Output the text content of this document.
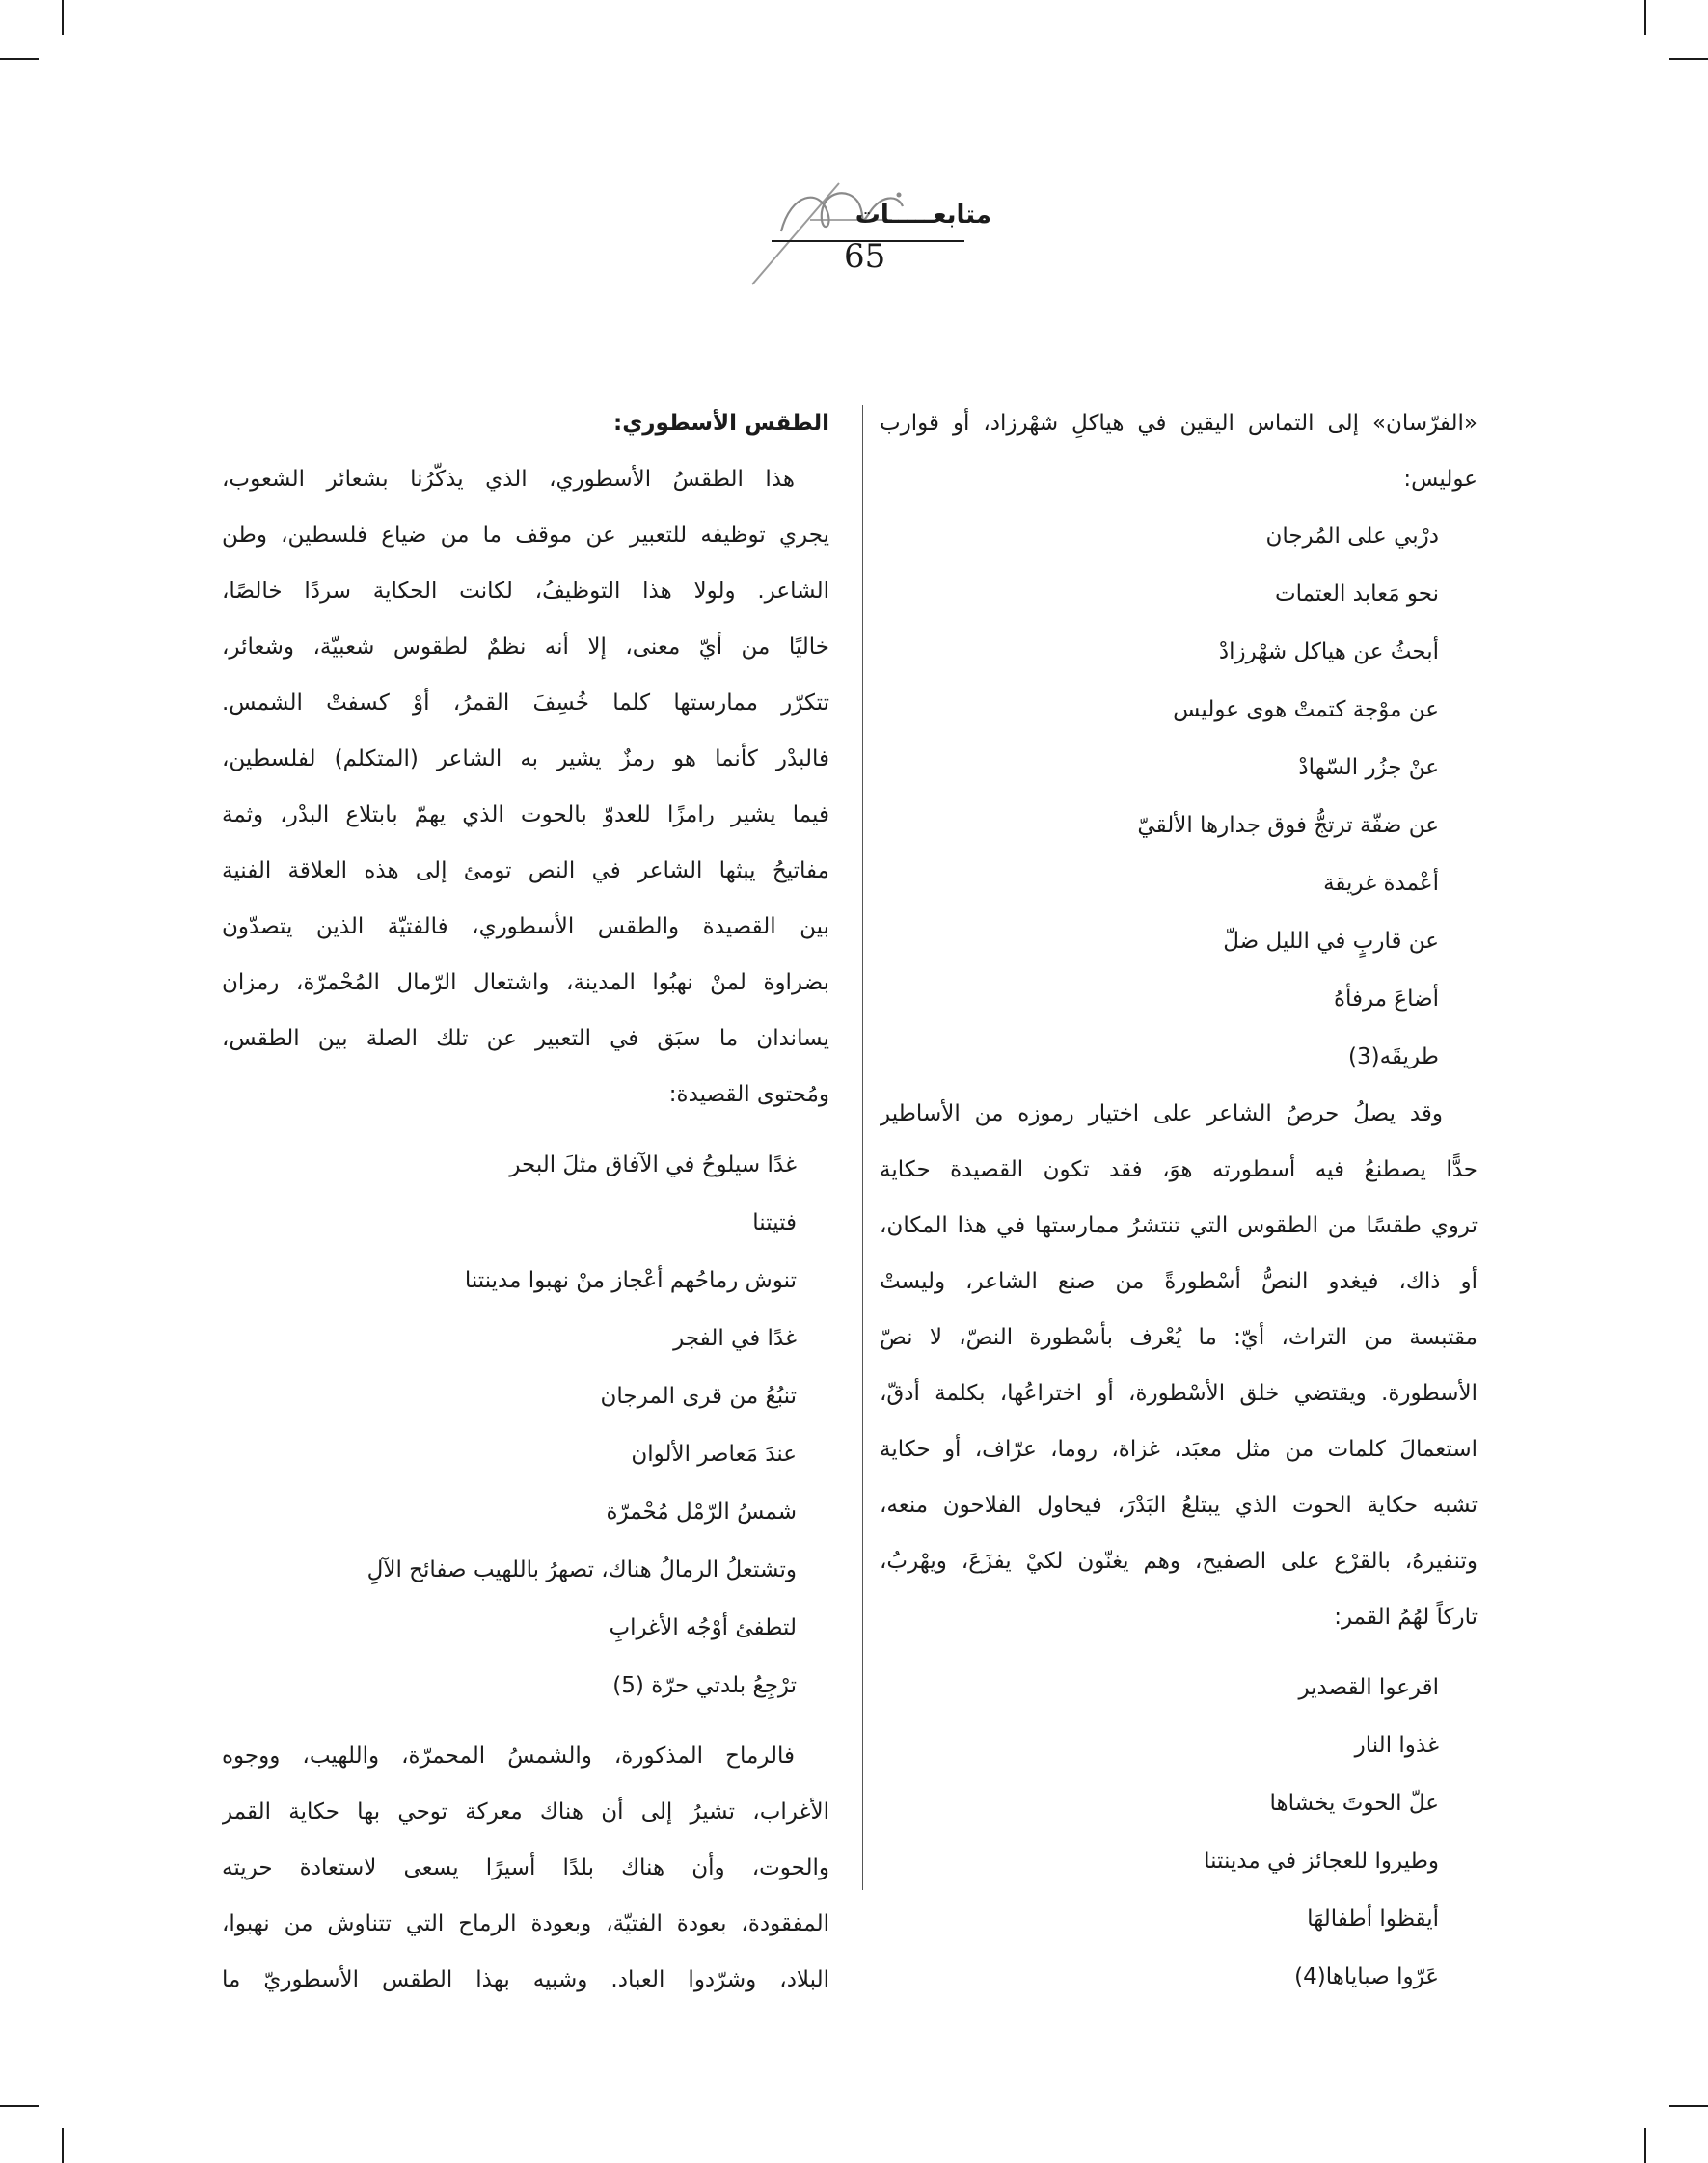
متابعـــــات
65
«الفرّسان» إلى التماس اليقين في هياكلِ شهْرزاد، أو قوارب
عوليس:
درْبي على المُرجان
نحو مَعابد العتمات
أبحثُ عن هياكل شهْرزادْ
عن موْجة كتمتْ هوى عوليس
عنْ جزُر السّهادْ
عن ضفّة ترتجُّ فوق جدارها الألقيّ
أعْمدة غريقة
عن قاربٍ في الليل ضلّ
أضاعَ مرفأهُ
طريقَه(3)
وقد يصلُ حرصُ الشاعر على اختيار رموزه من الأساطير
حدًّا يصطنعُ فيه أسطورته هوَ، فقد تكون القصيدة حكاية
تروي طقسًا من الطقوس التي تنتشرُ ممارستها في هذا المكان،
أو ذاك، فيغدو النصُّ أسْطورةً من صنع الشاعر، وليستْ
مقتبسة من التراث، أيّ: ما يُعْرف بأسْطورة النصّ، لا نصّ
الأسطورة. ويقتضي خلق الأسْطورة، أو اختراعُها، بكلمة أدقّ،
استعمالَ كلمات من مثل معبَد، غزاة، روما، عرّاف، أو حكاية
تشبه حكاية الحوت الذي يبتلعُ البَدْرَ، فيحاول الفلاحون منعه،
وتنفيرهُ، بالقرْع على الصفيح، وهم يغنّون لكيْ يفزَعَ، ويهْربُ،
تاركاً لهُمُ القمر:
اقرعوا القصدير
غذوا النار
علّ الحوتَ يخشاها
وطيروا للعجائز في مدينتنا
أيقظوا أطفالهَا
عَرّوا صباياها(4)
الطقس الأسطوري:
هذا الطقسُ الأسطوري، الذي يذكّرُنا بشعائر الشعوب،
يجري توظيفه للتعبير عن موقف ما من ضياع فلسطين، وطن
الشاعر. ولولا هذا التوظيفُ، لكانت الحكاية سردًا خالصًا،
خاليًا من أيّ معنى، إلا أنه نظمٌ لطقوس شعبيّة، وشعائر،
تتكرّر ممارستها كلما خُسِفَ القمرُ، أوْ كسفتْ الشمس.
فالبدْر كأنما هو رمزٌ يشير به الشاعر (المتكلم) لفلسطين،
فيما يشير رامزًا للعدوّ بالحوت الذي يهمّ بابتلاع البدْر، وثمة
مفاتيحُ يبثها الشاعر في النص تومئ إلى هذه العلاقة الفنية
بين القصيدة والطقس الأسطوري، فالفتيّة الذين يتصدّون
بضراوة لمنْ نهبُوا المدينة، واشتعال الرّمال المُحْمرّة، رمزان
يساندان ما سبَق في التعبير عن تلك الصلة بين الطقس،
ومُحتوى القصيدة:
غدًا سيلوحُ في الآفاق مثلَ البحر
فتيتنا
تنوش رماحُهم أعْجاز منْ نهبوا مدينتنا
غدًا في الفجر
تنبُعُ من قرى المرجان
عندَ مَعاصر الألوان
شمسُ الرّمْل مُحْمرّة
وتشتعلُ الرمالُ هناك، تصهرُ باللهيب صفائح الآلِ
لتطفئ أوْجُه الأغرابِ
ترْجِعُ بلدتي حرّة (5)
فالرماح المذكورة، والشمسُ المحمرّة، واللهيب، ووجوه
الأغراب، تشيرُ إلى أن هناك معركة توحي بها حكاية القمر
والحوت، وأن هناك بلدًا أسيرًا يسعى لاستعادة حريته
المفقودة، بعودة الفتيّة، وبعودة الرماح التي تتناوش من نهبوا،
البلاد، وشرّدوا العباد. وشبيه بهذا الطقس الأسطوريّ ما
